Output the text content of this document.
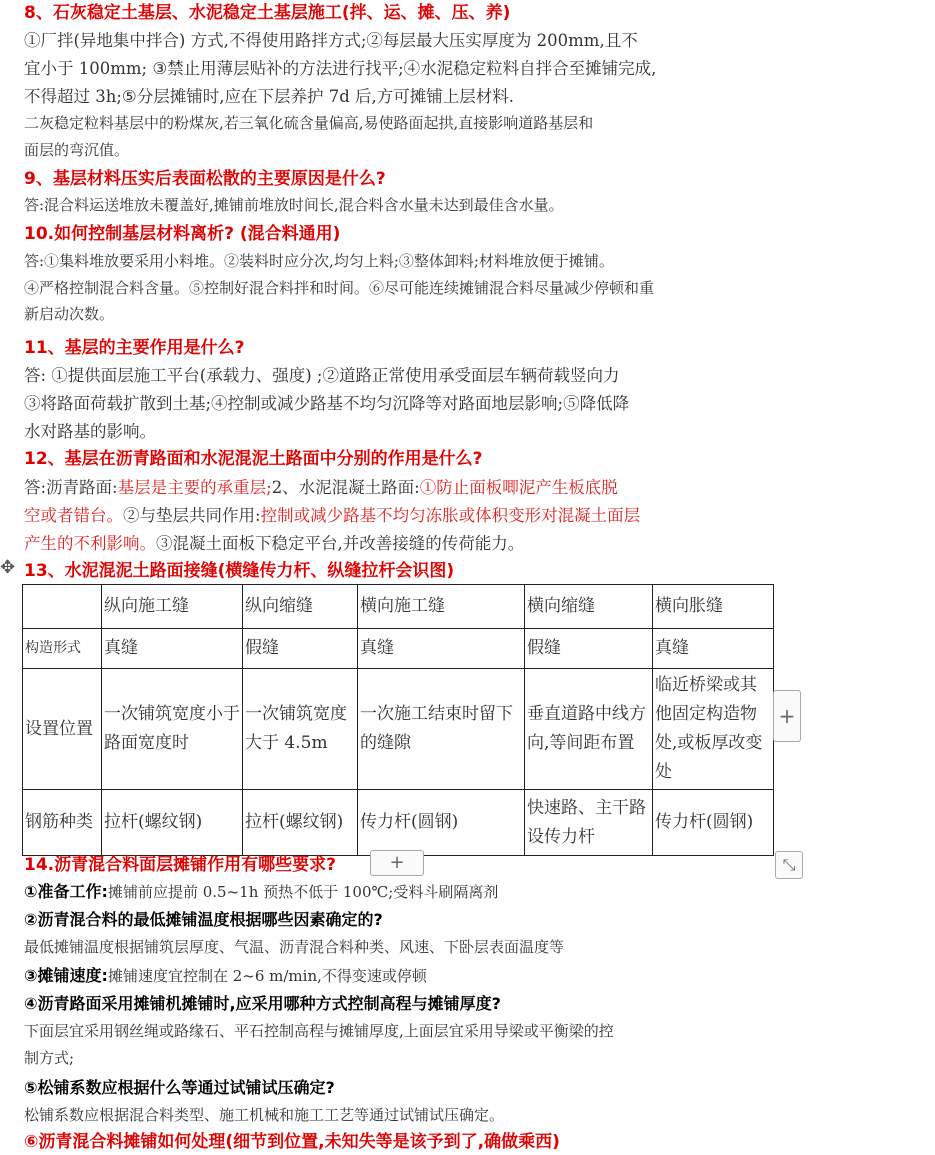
✥
8、石灰稳定土基层、水泥稳定土基层施工(拌、运、摊、压、养)
①厂拌(异地集中拌合) 方式,不得使用路拌方式;②每层最大压实厚度为 200mm,且不
宜小于 100mm; ③禁止用薄层贴补的方法进行找平;④水泥稳定粒料自拌合至摊铺完成,
不得超过 3h;⑤分层摊铺时,应在下层养护 7d 后,方可摊铺上层材料.
二灰稳定粒料基层中的粉煤灰,若三氧化硫含量偏高,易使路面起拱,直接影响道路基层和
面层的弯沉值。
9、基层材料压实后表面松散的主要原因是什么?
答:混合料运送堆放未覆盖好,摊铺前堆放时间长,混合料含水量未达到最佳含水量。
10.如何控制基层材料离析? (混合料通用)
答:①集料堆放要采用小料堆。②装料时应分次,均匀上料;③整体卸料;材料堆放便于摊铺。
④严格控制混合料含量。⑤控制好混合料拌和时间。⑥尽可能连续摊铺混合料尽量减少停顿和重
新启动次数。
11、基层的主要作用是什么?
答: ①提供面层施工平台(承载力、强度) ;②道路正常使用承受面层车辆荷载竖向力
③将路面荷载扩散到土基;④控制或减少路基不均匀沉降等对路面地层影响;⑤降低降
水对路基的影响。
12、基层在沥青路面和水泥混泥土路面中分别的作用是什么?
答:沥青路面:基层是主要的承重层;2、水泥混凝土路面:①防止面板唧泥产生板底脱
空或者错台。②与垫层共同作用:控制或减少路基不均匀冻胀或体积变形对混凝土面层
产生的不利影响。③混凝土面板下稳定平台,并改善接缝的传荷能力。
13、水泥混泥土路面接缝(横缝传力杆、纵缝拉杆会识图)
	纵向施工缝	纵向缩缝	横向施工缝	横向缩缝	横向胀缝
构造形式	真缝	假缝	真缝	假缝	真缝
设置位置	一次铺筑宽度小于路面宽度时	一次铺筑宽度大于 4.5m	一次施工结束时留下的缝隙	垂直道路中线方向,等间距布置	临近桥梁或其他固定构造物处,或板厚改变处
钢筋种类	拉杆(螺纹钢)	拉杆(螺纹钢)	传力杆(圆钢)	快速路、主干路设传力杆	传力杆(圆钢)
+
+	⤡
14.沥青混合料面层摊铺作用有哪些要求?
①准备工作:摊铺前应提前 0.5~1h 预热不低于 100℃;受料斗刷隔离剂
②沥青混合料的最低摊铺温度根据哪些因素确定的?
最低摊铺温度根据铺筑层厚度、气温、沥青混合料种类、风速、下卧层表面温度等
③摊铺速度:摊铺速度宜控制在 2~6 m/min,不得变速或停顿
④沥青路面采用摊铺机摊铺时,应采用哪种方式控制高程与摊铺厚度?
下面层宜采用钢丝绳或路缘石、平石控制高程与摊铺厚度,上面层宜采用导梁或平衡梁的控
制方式;
⑤松铺系数应根据什么等通过试铺试压确定?
松铺系数应根据混合料类型、施工机械和施工工艺等通过试铺试压确定。
⑥沥青混合料摊铺如何处理(细节到位置,未知失等是该予到了,确做乘西)
